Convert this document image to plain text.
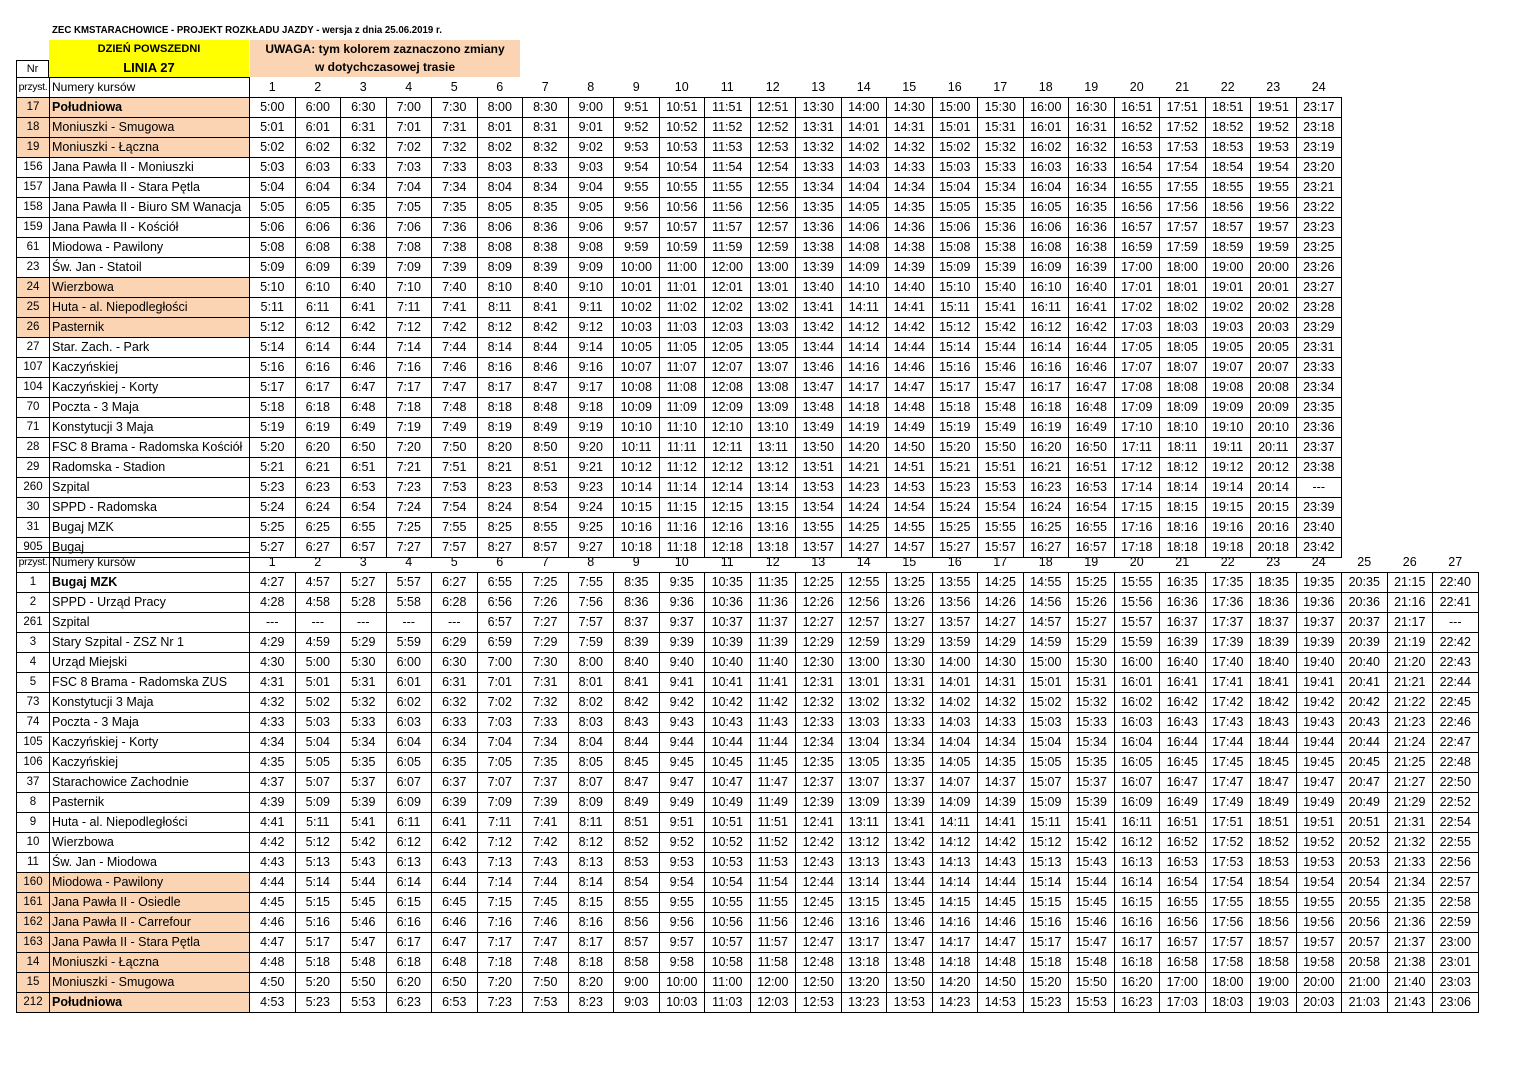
ZEC KMSTARACHOWICE - PROJEKT ROZKŁADU JAZDY - wersja z dnia 25.06.2019 r.
DZIEŃ POWSZEDNI
LINIA 27
UWAGA: tym kolorem zaznaczono zmiany
w dotychczasowej trasie
Nr
przyst.	Numery kursów	1	2	3	4	5	6	7	8	9	10	11	12	13	14	15	16	17	18	19	20	21	22	23	24
17	Południowa	5:00	6:00	6:30	7:00	7:30	8:00	8:30	9:00	9:51	10:51	11:51	12:51	13:30	14:00	14:30	15:00	15:30	16:00	16:30	16:51	17:51	18:51	19:51	23:17
18	Moniuszki - Smugowa	5:01	6:01	6:31	7:01	7:31	8:01	8:31	9:01	9:52	10:52	11:52	12:52	13:31	14:01	14:31	15:01	15:31	16:01	16:31	16:52	17:52	18:52	19:52	23:18
19	Moniuszki - Łączna	5:02	6:02	6:32	7:02	7:32	8:02	8:32	9:02	9:53	10:53	11:53	12:53	13:32	14:02	14:32	15:02	15:32	16:02	16:32	16:53	17:53	18:53	19:53	23:19
156	Jana Pawła II - Moniuszki	5:03	6:03	6:33	7:03	7:33	8:03	8:33	9:03	9:54	10:54	11:54	12:54	13:33	14:03	14:33	15:03	15:33	16:03	16:33	16:54	17:54	18:54	19:54	23:20
157	Jana Pawła II - Stara Pętla	5:04	6:04	6:34	7:04	7:34	8:04	8:34	9:04	9:55	10:55	11:55	12:55	13:34	14:04	14:34	15:04	15:34	16:04	16:34	16:55	17:55	18:55	19:55	23:21
158	Jana Pawła II - Biuro SM Wanacja	5:05	6:05	6:35	7:05	7:35	8:05	8:35	9:05	9:56	10:56	11:56	12:56	13:35	14:05	14:35	15:05	15:35	16:05	16:35	16:56	17:56	18:56	19:56	23:22
159	Jana Pawła II - Kościół	5:06	6:06	6:36	7:06	7:36	8:06	8:36	9:06	9:57	10:57	11:57	12:57	13:36	14:06	14:36	15:06	15:36	16:06	16:36	16:57	17:57	18:57	19:57	23:23
61	Miodowa - Pawilony	5:08	6:08	6:38	7:08	7:38	8:08	8:38	9:08	9:59	10:59	11:59	12:59	13:38	14:08	14:38	15:08	15:38	16:08	16:38	16:59	17:59	18:59	19:59	23:25
23	Św. Jan - Statoil	5:09	6:09	6:39	7:09	7:39	8:09	8:39	9:09	10:00	11:00	12:00	13:00	13:39	14:09	14:39	15:09	15:39	16:09	16:39	17:00	18:00	19:00	20:00	23:26
24	Wierzbowa	5:10	6:10	6:40	7:10	7:40	8:10	8:40	9:10	10:01	11:01	12:01	13:01	13:40	14:10	14:40	15:10	15:40	16:10	16:40	17:01	18:01	19:01	20:01	23:27
25	Huta - al. Niepodległości	5:11	6:11	6:41	7:11	7:41	8:11	8:41	9:11	10:02	11:02	12:02	13:02	13:41	14:11	14:41	15:11	15:41	16:11	16:41	17:02	18:02	19:02	20:02	23:28
26	Pasternik	5:12	6:12	6:42	7:12	7:42	8:12	8:42	9:12	10:03	11:03	12:03	13:03	13:42	14:12	14:42	15:12	15:42	16:12	16:42	17:03	18:03	19:03	20:03	23:29
27	Star. Zach. - Park	5:14	6:14	6:44	7:14	7:44	8:14	8:44	9:14	10:05	11:05	12:05	13:05	13:44	14:14	14:44	15:14	15:44	16:14	16:44	17:05	18:05	19:05	20:05	23:31
107	Kaczyńskiej	5:16	6:16	6:46	7:16	7:46	8:16	8:46	9:16	10:07	11:07	12:07	13:07	13:46	14:16	14:46	15:16	15:46	16:16	16:46	17:07	18:07	19:07	20:07	23:33
104	Kaczyńskiej - Korty	5:17	6:17	6:47	7:17	7:47	8:17	8:47	9:17	10:08	11:08	12:08	13:08	13:47	14:17	14:47	15:17	15:47	16:17	16:47	17:08	18:08	19:08	20:08	23:34
70	Poczta - 3 Maja	5:18	6:18	6:48	7:18	7:48	8:18	8:48	9:18	10:09	11:09	12:09	13:09	13:48	14:18	14:48	15:18	15:48	16:18	16:48	17:09	18:09	19:09	20:09	23:35
71	Konstytucji 3 Maja	5:19	6:19	6:49	7:19	7:49	8:19	8:49	9:19	10:10	11:10	12:10	13:10	13:49	14:19	14:49	15:19	15:49	16:19	16:49	17:10	18:10	19:10	20:10	23:36
28	FSC 8 Brama - Radomska Kościół	5:20	6:20	6:50	7:20	7:50	8:20	8:50	9:20	10:11	11:11	12:11	13:11	13:50	14:20	14:50	15:20	15:50	16:20	16:50	17:11	18:11	19:11	20:11	23:37
29	Radomska - Stadion	5:21	6:21	6:51	7:21	7:51	8:21	8:51	9:21	10:12	11:12	12:12	13:12	13:51	14:21	14:51	15:21	15:51	16:21	16:51	17:12	18:12	19:12	20:12	23:38
260	Szpital	5:23	6:23	6:53	7:23	7:53	8:23	8:53	9:23	10:14	11:14	12:14	13:14	13:53	14:23	14:53	15:23	15:53	16:23	16:53	17:14	18:14	19:14	20:14	---
30	SPPD - Radomska	5:24	6:24	6:54	7:24	7:54	8:24	8:54	9:24	10:15	11:15	12:15	13:15	13:54	14:24	14:54	15:24	15:54	16:24	16:54	17:15	18:15	19:15	20:15	23:39
31	Bugaj MZK	5:25	6:25	6:55	7:25	7:55	8:25	8:55	9:25	10:16	11:16	12:16	13:16	13:55	14:25	14:55	15:25	15:55	16:25	16:55	17:16	18:16	19:16	20:16	23:40
905	Bugaj	5:27	6:27	6:57	7:27	7:57	8:27	8:57	9:27	10:18	11:18	12:18	13:18	13:57	14:27	14:57	15:27	15:57	16:27	16:57	17:18	18:18	19:18	20:18	23:42
przyst.	Numery kursów	1	2	3	4	5	6	7	8	9	10	11	12	13	14	15	16	17	18	19	20	21	22	23	24	25	26	27
1	Bugaj MZK	4:27	4:57	5:27	5:57	6:27	6:55	7:25	7:55	8:35	9:35	10:35	11:35	12:25	12:55	13:25	13:55	14:25	14:55	15:25	15:55	16:35	17:35	18:35	19:35	20:35	21:15	22:40
2	SPPD - Urząd Pracy	4:28	4:58	5:28	5:58	6:28	6:56	7:26	7:56	8:36	9:36	10:36	11:36	12:26	12:56	13:26	13:56	14:26	14:56	15:26	15:56	16:36	17:36	18:36	19:36	20:36	21:16	22:41
261	Szpital	---	---	---	---	---	6:57	7:27	7:57	8:37	9:37	10:37	11:37	12:27	12:57	13:27	13:57	14:27	14:57	15:27	15:57	16:37	17:37	18:37	19:37	20:37	21:17	---
3	Stary Szpital - ZSZ Nr 1	4:29	4:59	5:29	5:59	6:29	6:59	7:29	7:59	8:39	9:39	10:39	11:39	12:29	12:59	13:29	13:59	14:29	14:59	15:29	15:59	16:39	17:39	18:39	19:39	20:39	21:19	22:42
4	Urząd Miejski	4:30	5:00	5:30	6:00	6:30	7:00	7:30	8:00	8:40	9:40	10:40	11:40	12:30	13:00	13:30	14:00	14:30	15:00	15:30	16:00	16:40	17:40	18:40	19:40	20:40	21:20	22:43
5	FSC 8 Brama - Radomska ZUS	4:31	5:01	5:31	6:01	6:31	7:01	7:31	8:01	8:41	9:41	10:41	11:41	12:31	13:01	13:31	14:01	14:31	15:01	15:31	16:01	16:41	17:41	18:41	19:41	20:41	21:21	22:44
73	Konstytucji 3 Maja	4:32	5:02	5:32	6:02	6:32	7:02	7:32	8:02	8:42	9:42	10:42	11:42	12:32	13:02	13:32	14:02	14:32	15:02	15:32	16:02	16:42	17:42	18:42	19:42	20:42	21:22	22:45
74	Poczta - 3 Maja	4:33	5:03	5:33	6:03	6:33	7:03	7:33	8:03	8:43	9:43	10:43	11:43	12:33	13:03	13:33	14:03	14:33	15:03	15:33	16:03	16:43	17:43	18:43	19:43	20:43	21:23	22:46
105	Kaczyńskiej - Korty	4:34	5:04	5:34	6:04	6:34	7:04	7:34	8:04	8:44	9:44	10:44	11:44	12:34	13:04	13:34	14:04	14:34	15:04	15:34	16:04	16:44	17:44	18:44	19:44	20:44	21:24	22:47
106	Kaczyńskiej	4:35	5:05	5:35	6:05	6:35	7:05	7:35	8:05	8:45	9:45	10:45	11:45	12:35	13:05	13:35	14:05	14:35	15:05	15:35	16:05	16:45	17:45	18:45	19:45	20:45	21:25	22:48
37	Starachowice Zachodnie	4:37	5:07	5:37	6:07	6:37	7:07	7:37	8:07	8:47	9:47	10:47	11:47	12:37	13:07	13:37	14:07	14:37	15:07	15:37	16:07	16:47	17:47	18:47	19:47	20:47	21:27	22:50
8	Pasternik	4:39	5:09	5:39	6:09	6:39	7:09	7:39	8:09	8:49	9:49	10:49	11:49	12:39	13:09	13:39	14:09	14:39	15:09	15:39	16:09	16:49	17:49	18:49	19:49	20:49	21:29	22:52
9	Huta - al. Niepodległości	4:41	5:11	5:41	6:11	6:41	7:11	7:41	8:11	8:51	9:51	10:51	11:51	12:41	13:11	13:41	14:11	14:41	15:11	15:41	16:11	16:51	17:51	18:51	19:51	20:51	21:31	22:54
10	Wierzbowa	4:42	5:12	5:42	6:12	6:42	7:12	7:42	8:12	8:52	9:52	10:52	11:52	12:42	13:12	13:42	14:12	14:42	15:12	15:42	16:12	16:52	17:52	18:52	19:52	20:52	21:32	22:55
11	Św. Jan - Miodowa	4:43	5:13	5:43	6:13	6:43	7:13	7:43	8:13	8:53	9:53	10:53	11:53	12:43	13:13	13:43	14:13	14:43	15:13	15:43	16:13	16:53	17:53	18:53	19:53	20:53	21:33	22:56
160	Miodowa - Pawilony	4:44	5:14	5:44	6:14	6:44	7:14	7:44	8:14	8:54	9:54	10:54	11:54	12:44	13:14	13:44	14:14	14:44	15:14	15:44	16:14	16:54	17:54	18:54	19:54	20:54	21:34	22:57
161	Jana Pawła II - Osiedle	4:45	5:15	5:45	6:15	6:45	7:15	7:45	8:15	8:55	9:55	10:55	11:55	12:45	13:15	13:45	14:15	14:45	15:15	15:45	16:15	16:55	17:55	18:55	19:55	20:55	21:35	22:58
162	Jana Pawła II - Carrefour	4:46	5:16	5:46	6:16	6:46	7:16	7:46	8:16	8:56	9:56	10:56	11:56	12:46	13:16	13:46	14:16	14:46	15:16	15:46	16:16	16:56	17:56	18:56	19:56	20:56	21:36	22:59
163	Jana Pawła II - Stara Pętla	4:47	5:17	5:47	6:17	6:47	7:17	7:47	8:17	8:57	9:57	10:57	11:57	12:47	13:17	13:47	14:17	14:47	15:17	15:47	16:17	16:57	17:57	18:57	19:57	20:57	21:37	23:00
14	Moniuszki - Łączna	4:48	5:18	5:48	6:18	6:48	7:18	7:48	8:18	8:58	9:58	10:58	11:58	12:48	13:18	13:48	14:18	14:48	15:18	15:48	16:18	16:58	17:58	18:58	19:58	20:58	21:38	23:01
15	Moniuszki - Smugowa	4:50	5:20	5:50	6:20	6:50	7:20	7:50	8:20	9:00	10:00	11:00	12:00	12:50	13:20	13:50	14:20	14:50	15:20	15:50	16:20	17:00	18:00	19:00	20:00	21:00	21:40	23:03
212	Południowa	4:53	5:23	5:53	6:23	6:53	7:23	7:53	8:23	9:03	10:03	11:03	12:03	12:53	13:23	13:53	14:23	14:53	15:23	15:53	16:23	17:03	18:03	19:03	20:03	21:03	21:43	23:06
